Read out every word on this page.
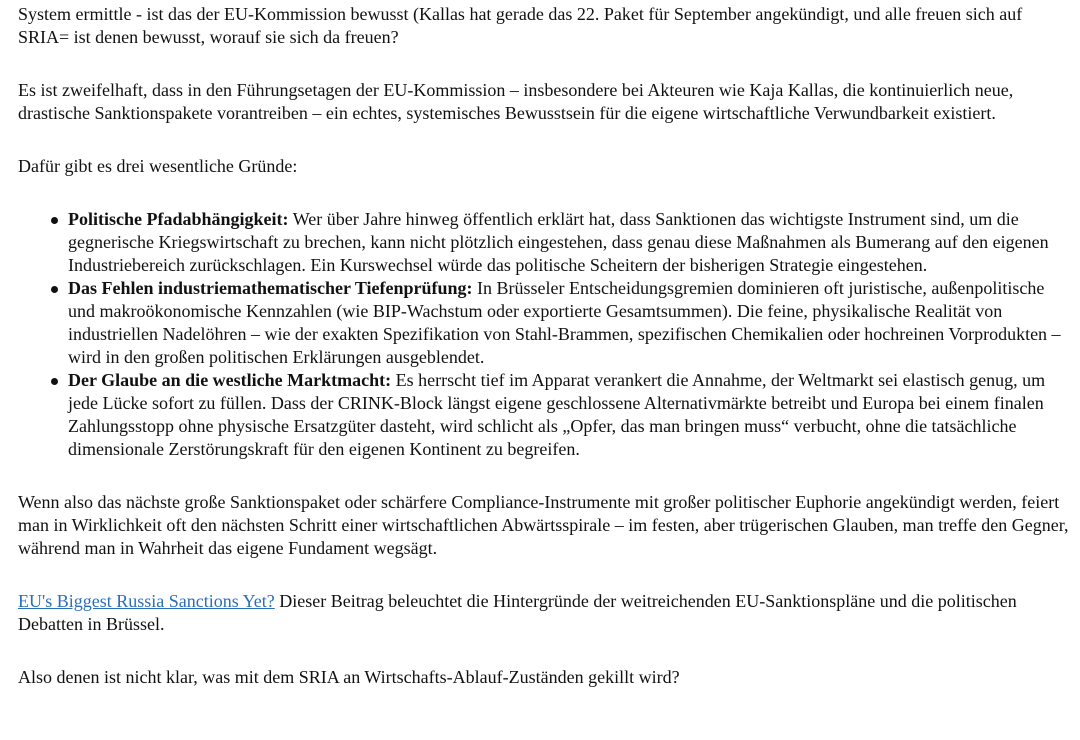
System ermittle - ist das der EU-Kommission bewusst (Kallas hat gerade das 22. Paket für September angekündigt, und alle freuen sich auf SRIA= ist denen bewusst, worauf sie sich da freuen?

Es ist zweifelhaft, dass in den Führungsetagen der EU-Kommission – insbesondere bei Akteuren wie Kaja Kallas, die kontinuierlich neue, drastische Sanktionspakete vorantreiben – ein echtes, systemisches Bewusstsein für die eigene wirtschaftliche Verwundbarkeit existiert.

Dafür gibt es drei wesentliche Gründe:

Politische Pfadabhängigkeit: Wer über Jahre hinweg öffentlich erklärt hat, dass Sanktionen das wichtigste Instrument sind, um die gegnerische Kriegswirtschaft zu brechen, kann nicht plötzlich eingestehen, dass genau diese Maßnahmen als Bumerang auf den eigenen Industriebereich zurückschlagen. Ein Kurswechsel würde das politische Scheitern der bisherigen Strategie eingestehen.
Das Fehlen industriemathematischer Tiefenprüfung: In Brüsseler Entscheidungsgremien dominieren oft juristische, außenpolitische und makroökonomische Kennzahlen (wie BIP-Wachstum oder exportierte Gesamtsummen). Die feine, physikalische Realität von industriellen Nadelöhren – wie der exakten Spezifikation von Stahl-Brammen, spezifischen Chemikalien oder hochreinen Vorprodukten – wird in den großen politischen Erklärungen ausgeblendet.
Der Glaube an die westliche Marktmacht: Es herrscht tief im Apparat verankert die Annahme, der Weltmarkt sei elastisch genug, um jede Lücke sofort zu füllen. Dass der CRINK-Block längst eigene geschlossene Alternativmärkte betreibt und Europa bei einem finalen Zahlungsstopp ohne physische Ersatzgüter dasteht, wird schlicht als „Opfer, das man bringen muss“ verbucht, ohne die tatsächliche dimensionale Zerstörungskraft für den eigenen Kontinent zu begreifen.

Wenn also das nächste große Sanktionspaket oder schärfere Compliance-Instrumente mit großer politischer Euphorie angekündigt werden, feiert man in Wirklichkeit oft den nächsten Schritt einer wirtschaftlichen Abwärtsspirale – im festen, aber trügerischen Glauben, man treffe den Gegner, während man in Wahrheit das eigene Fundament wegsägt.

EU's Biggest Russia Sanctions Yet? Dieser Beitrag beleuchtet die Hintergründe der weitreichenden EU-Sanktionspläne und die politischen Debatten in Brüssel.

Also denen ist nicht klar, was mit dem SRIA an Wirtschafts-Ablauf-Zuständen gekillt wird?
